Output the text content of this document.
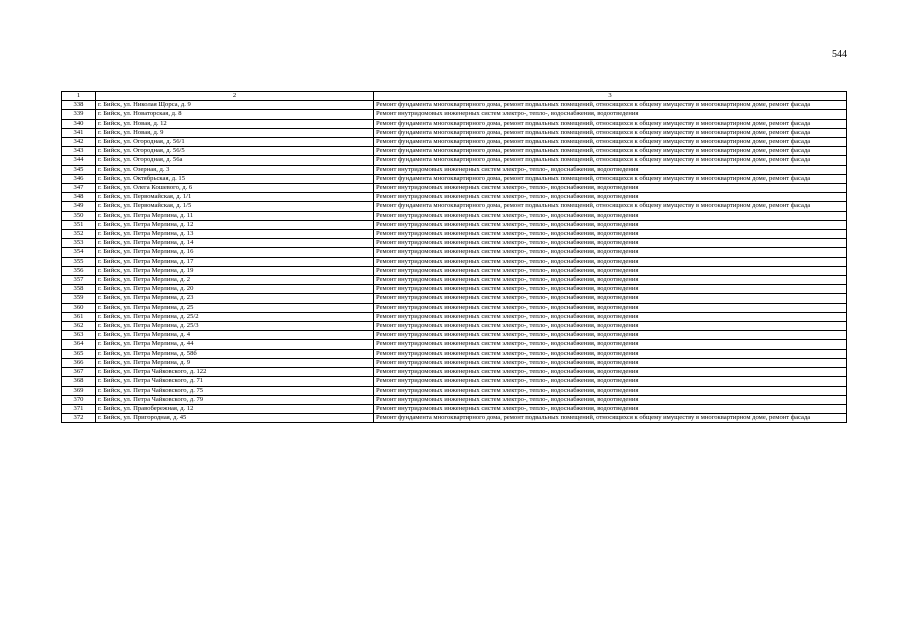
544
1	2	3
338	г. Бийск, ул. Николая Щорса, д. 9	Ремонт фундамента многоквартирного дома, ремонт подвальных помещений, относящихся к общему имуществу в многоквартирном доме, ремонт фасада
339	г. Бийск, ул. Новаторская, д. 8	Ремонт внутридомовых инженерных систем электро-, тепло-, водоснабжения, водоотведения
340	г. Бийск, ул. Новая, д. 12	Ремонт фундамента многоквартирного дома, ремонт подвальных помещений, относящихся к общему имуществу в многоквартирном доме, ремонт фасада
341	г. Бийск, ул. Новая, д. 9	Ремонт фундамента многоквартирного дома, ремонт подвальных помещений, относящихся к общему имуществу в многоквартирном доме, ремонт фасада
342	г. Бийск, ул. Огородная, д. 56/1	Ремонт фундамента многоквартирного дома, ремонт подвальных помещений, относящихся к общему имуществу в многоквартирном доме, ремонт фасада
343	г. Бийск, ул. Огородная, д. 56/5	Ремонт фундамента многоквартирного дома, ремонт подвальных помещений, относящихся к общему имуществу в многоквартирном доме, ремонт фасада
344	г. Бийск, ул. Огородная, д. 56а	Ремонт фундамента многоквартирного дома, ремонт подвальных помещений, относящихся к общему имуществу в многоквартирном доме, ремонт фасада
345	г. Бийск, ул. Озерная, д. 3	Ремонт внутридомовых инженерных систем электро-, тепло-, водоснабжения, водоотведения
346	г. Бийск, ул. Октябрьская, д. 15	Ремонт фундамента многоквартирного дома, ремонт подвальных помещений, относящихся к общему имуществу в многоквартирном доме, ремонт фасада
347	г. Бийск, ул. Олега Кошевого, д. 6	Ремонт внутридомовых инженерных систем электро-, тепло-, водоснабжения, водоотведения
348	г. Бийск, ул. Первомайская, д. 1/1	Ремонт внутридомовых инженерных систем электро-, тепло-, водоснабжения, водоотведения
349	г. Бийск, ул. Первомайская, д. 1/5	Ремонт фундамента многоквартирного дома, ремонт подвальных помещений, относящихся к общему имуществу в многоквартирном доме, ремонт фасада
350	г. Бийск, ул. Петра Мерлина, д. 11	Ремонт внутридомовых инженерных систем электро-, тепло-, водоснабжения, водоотведения
351	г. Бийск, ул. Петра Мерлина, д. 12	Ремонт внутридомовых инженерных систем электро-, тепло-, водоснабжения, водоотведения
352	г. Бийск, ул. Петра Мерлина, д. 13	Ремонт внутридомовых инженерных систем электро-, тепло-, водоснабжения, водоотведения
353	г. Бийск, ул. Петра Мерлина, д. 14	Ремонт внутридомовых инженерных систем электро-, тепло-, водоснабжения, водоотведения
354	г. Бийск, ул. Петра Мерлина, д. 16	Ремонт внутридомовых инженерных систем электро-, тепло-, водоснабжения, водоотведения
355	г. Бийск, ул. Петра Мерлина, д. 17	Ремонт внутридомовых инженерных систем электро-, тепло-, водоснабжения, водоотведения
356	г. Бийск, ул. Петра Мерлина, д. 19	Ремонт внутридомовых инженерных систем электро-, тепло-, водоснабжения, водоотведения
357	г. Бийск, ул. Петра Мерлина, д. 2	Ремонт внутридомовых инженерных систем электро-, тепло-, водоснабжения, водоотведения
358	г. Бийск, ул. Петра Мерлина, д. 20	Ремонт внутридомовых инженерных систем электро-, тепло-, водоснабжения, водоотведения
359	г. Бийск, ул. Петра Мерлина, д. 23	Ремонт внутридомовых инженерных систем электро-, тепло-, водоснабжения, водоотведения
360	г. Бийск, ул. Петра Мерлина, д. 25	Ремонт внутридомовых инженерных систем электро-, тепло-, водоснабжения, водоотведения
361	г. Бийск, ул. Петра Мерлина, д. 25/2	Ремонт внутридомовых инженерных систем электро-, тепло-, водоснабжения, водоотведения
362	г. Бийск, ул. Петра Мерлина, д. 25/3	Ремонт внутридомовых инженерных систем электро-, тепло-, водоснабжения, водоотведения
363	г. Бийск, ул. Петра Мерлина, д. 4	Ремонт внутридомовых инженерных систем электро-, тепло-, водоснабжения, водоотведения
364	г. Бийск, ул. Петра Мерлина, д. 44	Ремонт внутридомовых инженерных систем электро-, тепло-, водоснабжения, водоотведения
365	г. Бийск, ул. Петра Мерлина, д. 58б	Ремонт внутридомовых инженерных систем электро-, тепло-, водоснабжения, водоотведения
366	г. Бийск, ул. Петра Мерлина, д. 9	Ремонт внутридомовых инженерных систем электро-, тепло-, водоснабжения, водоотведения
367	г. Бийск, ул. Петра Чайковского, д. 122	Ремонт внутридомовых инженерных систем электро-, тепло-, водоснабжения, водоотведения
368	г. Бийск, ул. Петра Чайковского, д. 71	Ремонт внутридомовых инженерных систем электро-, тепло-, водоснабжения, водоотведения
369	г. Бийск, ул. Петра Чайковского, д. 75	Ремонт внутридомовых инженерных систем электро-, тепло-, водоснабжения, водоотведения
370	г. Бийск, ул. Петра Чайковского, д. 79	Ремонт внутридомовых инженерных систем электро-, тепло-, водоснабжения, водоотведения
371	г. Бийск, ул. Правобережная, д. 12	Ремонт внутридомовых инженерных систем электро-, тепло-, водоснабжения, водоотведения
372	г. Бийск, ул. Пригородная, д. 45	Ремонт фундамента многоквартирного дома, ремонт подвальных помещений, относящихся к общему имуществу в многоквартирном доме, ремонт фасада
